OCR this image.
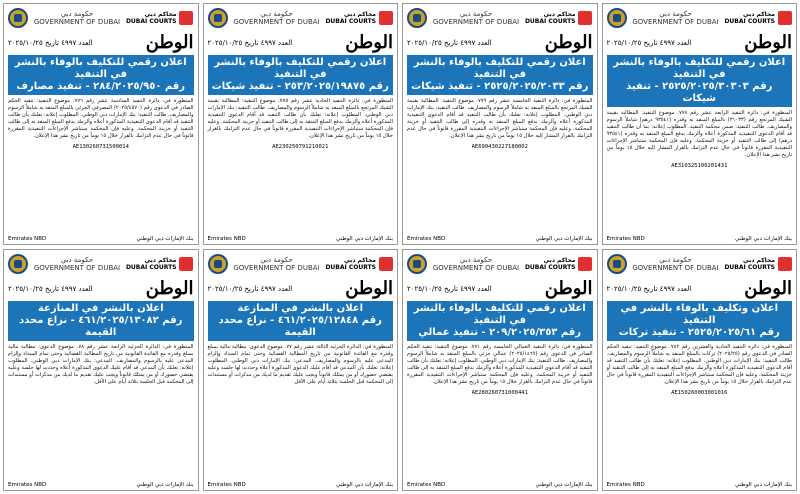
حكومة دبي
GOVERNMENT OF DUBAI
محاكم دبي
DUBAI COURTS
العدد ٤٩٩٧ تاريخ ٢٠٢٥/١٠/٢٥	الوطن
اعلان رقمي للتكليف بالوفاء بالنشر في التنفيذ
رقم ٢٨٤/٢٠٢٥/٩٥٠ - تنفيذ مصارف
المنظورة في: دائرة التنفيذ السادسة عشر رقم ٧٧٦. موضوع التنفيذ: تنفيذ الحكم الصادر في الدعوى رقم (٢٠٢٥/٤٥٧٠) المصرفي الجزئي بالمبلغ المنفذ به شاملاً الرسوم والمصاريف. طالب التنفيذ: بنك الإمارات دبي الوطني. المطلوب إعلانه: نعلنك بأن طالب التنفيذ قد أقام الدعوى التنفيذية المذكورة أعلاه وألزمك بدفع المبلغ المنفذ به إلى طالب التنفيذ أو خزينة المحكمة. وعليه فإن المحكمة ستباشر الإجراءات التنفيذية المقررة قانوناً في حال عدم التزامك بالقرار خلال ١٥ يوماً من تاريخ نشر هذا الإعلان.
AE130260731500014
Emirates NBD	بنك الإمارات دبي الوطني
حكومة دبي
GOVERNMENT OF DUBAI
محاكم دبي
DUBAI COURTS
العدد ٤٩٩٧ تاريخ ٢٠٢٥/١٠/٢٥	الوطن
اعلان رقمي للتكليف بالوفاء بالنشر في التنفيذ
رقم ٢٥٣/٢٠٢٥/١٩٨٧٥ - تنفيذ شيكات
المنظورة في: دائرة التنفيذ الحادية عشر رقم ٧٧٥. موضوع التنفيذ: المطالبة بقيمة الشيك المرتجع بالمبلغ المنفذ به شاملاً الرسوم والمصاريف. طالب التنفيذ: بنك الإمارات دبي الوطني. المطلوب إعلانه: نعلنك بأن طالب التنفيذ قد أقام الدعوى التنفيذية المذكورة أعلاه وألزمك بدفع المبلغ المنفذ به إلى طالب التنفيذ أو خزينة المحكمة. وعليه فإن المحكمة ستباشر الإجراءات التنفيذية المقررة قانوناً في حال عدم التزامك بالقرار خلال ١٥ يوماً من تاريخ نشر هذا الإعلان.
AE230250791210021
Emirates NBD	بنك الإمارات دبي الوطني
حكومة دبي
GOVERNMENT OF DUBAI
محاكم دبي
DUBAI COURTS
العدد ٤٩٩٧ تاريخ ٢٠٢٥/١٠/٢٥	الوطن
اعلان رقمي للتكليف بالوفاء بالنشر في التنفيذ
رقم ٢٥٢٥/٢٠٢٥/٢٠٣٣ - تنفيذ شيكات
المنظورة في: دائرة التنفيذ الخامسة عشر رقم ٧٧٩. موضوع التنفيذ: المطالبة بقيمة الشيك المرتجع بالمبلغ المنفذ به شاملاً الرسوم والمصاريف. طالب التنفيذ: بنك الإمارات دبي الوطني. المطلوب إعلانه: نعلنك بأن طالب التنفيذ قد أقام الدعوى التنفيذية المذكورة أعلاه وألزمك بدفع المبلغ المنفذ به وقدره إلى طالب التنفيذ أو خزينة المحكمة. وعليه فإن المحكمة ستباشر الإجراءات التنفيذية المقررة قانوناً في حال عدم التزامك بالقرار المشار إليه خلال ١٥ يوماً من تاريخ نشر هذا الإعلان.
AE690430227180002
Emirates NBD	بنك الإمارات دبي الوطني
حكومة دبي
GOVERNMENT OF DUBAI
محاكم دبي
DUBAI COURTS
العدد ٤٩٩٧ تاريخ ٢٠٢٥/١٠/٢٥	الوطن
اعلان رقمي للتكليف بالوفاء بالنشر في التنفيذ
رقم ٢٥٢٥/٢٠٢٥/٣٠٣٠٣ - تنفيذ شيكات
المنظورة في: دائرة التنفيذ الرابعة عشر رقم ٧٧٨. موضوع التنفيذ: المطالبة بقيمة الشيك المرتجع رقم (٣١٠٣٣) بالمبلغ المنفذ به وقدره (٩٣٥٤١ درهم) شاملاً الرسوم والمصاريف. طالب التنفيذ: ضمن محكمة التنفيذ. المطلوب إعلانه: بما أن طالب التنفيذ قد أقام الدعوى التنفيذية المذكورة أعلاه وألزمك بدفع المبلغ المنفذ به وقدره (٩٣٥٤١ درهم) إلى طالب التنفيذ أو خزينة المحكمة. وعليه فإن المحكمة ستباشر الإجراءات التنفيذية المقررة قانوناً في حال عدم التزامك بالقرار المشار إليه خلال ١٥ يوماً من تاريخ نشر هذا الإعلان.
AE310325100201431
Emirates NBD	بنك الإمارات دبي الوطني
حكومة دبي
GOVERNMENT OF DUBAI
محاكم دبي
DUBAI COURTS
العدد ٤٩٩٧ تاريخ ٢٠٢٥/١٠/٢٥	الوطن
اعلان بالنشر في المنازعة
رقم ٤٦١/٢٠٢٥/١٣٠٨٢ - نزاع محدد القيمة
المنظورة في: الدائرة الجزئية الرابعة عشر رقم ٧٨. موضوع الدعوى: مطالبة مالية بمبلغ وقدره مع الفائدة القانونية من تاريخ المطالبة القضائية وحتى تمام السداد وإلزام المدعى عليه بالرسوم والمصاريف. المدعي: بنك الإمارات دبي الوطني. المطلوب إعلانه: نعلنك بأن المدعي قد أقام عليك الدعوى المذكورة أعلاه وحددت لها جلسة وعليه يقتضي حضورك أو من يمثلك قانوناً ويجب عليك تقديم ما لديك من مذكرات أو مستندات إلى المحكمة قبل الجلسة بثلاثة أيام على الأقل.
Emirates NBD	بنك الإمارات دبي الوطني
حكومة دبي
GOVERNMENT OF DUBAI
محاكم دبي
DUBAI COURTS
العدد ٤٩٩٧ تاريخ ٢٠٢٥/١٠/٢٥	الوطن
اعلان بالنشر في المنازعة
رقم ٤٦١/٢٠٢٥/١٢٨٤٨ - نزاع محدد القيمة
المنظورة في: الدائرة الجزئية الثالثة عشر رقم ٧٧. موضوع الدعوى: مطالبة مالية بمبلغ وقدره مع الفائدة القانونية من تاريخ المطالبة القضائية وحتى تمام السداد وإلزام المدعى عليه بالرسوم والمصاريف. المدعي: بنك الإمارات دبي الوطني. المطلوب إعلانه: نعلنك بأن المدعي قد أقام عليك الدعوى المذكورة أعلاه وحددت لها جلسة وعليه يقتضي حضورك أو من يمثلك قانوناً ويجب عليك تقديم ما لديك من مذكرات أو مستندات إلى المحكمة قبل الجلسة بثلاثة أيام على الأقل.
Emirates NBD	بنك الإمارات دبي الوطني
حكومة دبي
GOVERNMENT OF DUBAI
محاكم دبي
DUBAI COURTS
العدد ٤٩٩٧ تاريخ ٢٠٢٥/١٠/٢٥	الوطن
اعلان رقمي للتكليف بالوفاء بالنشر في التنفيذ
رقم ٢٠٩/٢٠٢٥/٣٥٣ - تنفيذ عمالي
المنظورة في: دائرة التنفيذ العمالي الخامسة رقم ٧٧١. موضوع التنفيذ: تنفيذ الحكم الصادر في الدعوى رقم (٢٠٢٥/١٤٦٩) عمالي جزئي بالمبلغ المنفذ به شاملاً الرسوم والمصاريف. طالب التنفيذ: بنك الإمارات دبي الوطني. المطلوب إعلانه: نعلنك بأن طالب التنفيذ قد أقام الدعوى التنفيذية المذكورة أعلاه وألزمك بدفع المبلغ المنفذ به إلى طالب التنفيذ أو خزينة المحكمة. وعليه فإن المحكمة ستباشر الإجراءات التنفيذية المقررة قانوناً في حال عدم التزامك بالقرار خلال ١٥ يوماً من تاريخ نشر هذا الإعلان.
AE280260731000441
Emirates NBD	بنك الإمارات دبي الوطني
حكومة دبي
GOVERNMENT OF DUBAI
محاكم دبي
DUBAI COURTS
العدد ٤٩٩٧ تاريخ ٢٠٢٥/١٠/٢٥	الوطن
اعلان وتكليف بالوفاء بالنشر في التنفيذ
رقم ٢٥٢٥/٢٠٢٥/٦١ - تنفيذ تركات
المنظورة في: دائرة التنفيذ الحادية والعشرين رقم ٧٨٢. موضوع التنفيذ: تنفيذ الحكم الصادر في الدعوى رقم (٢٠٢٥/٢٥) تركات بالمبلغ المنفذ به شاملاً الرسوم والمصاريف. طالب التنفيذ: بنك الإمارات دبي الوطني. المطلوب إعلانه: نعلنك بأن طالب التنفيذ قد أقام الدعوى التنفيذية المذكورة أعلاه وألزمك بدفع المبلغ المنفذ به إلى طالب التنفيذ أو خزينة المحكمة. وعليه فإن المحكمة ستباشر الإجراءات التنفيذية المقررة قانوناً في حال عدم التزامك بالقرار خلال ١٥ يوماً من تاريخ نشر هذا الإعلان.
AE150260003001016
Emirates NBD	بنك الإمارات دبي الوطني
